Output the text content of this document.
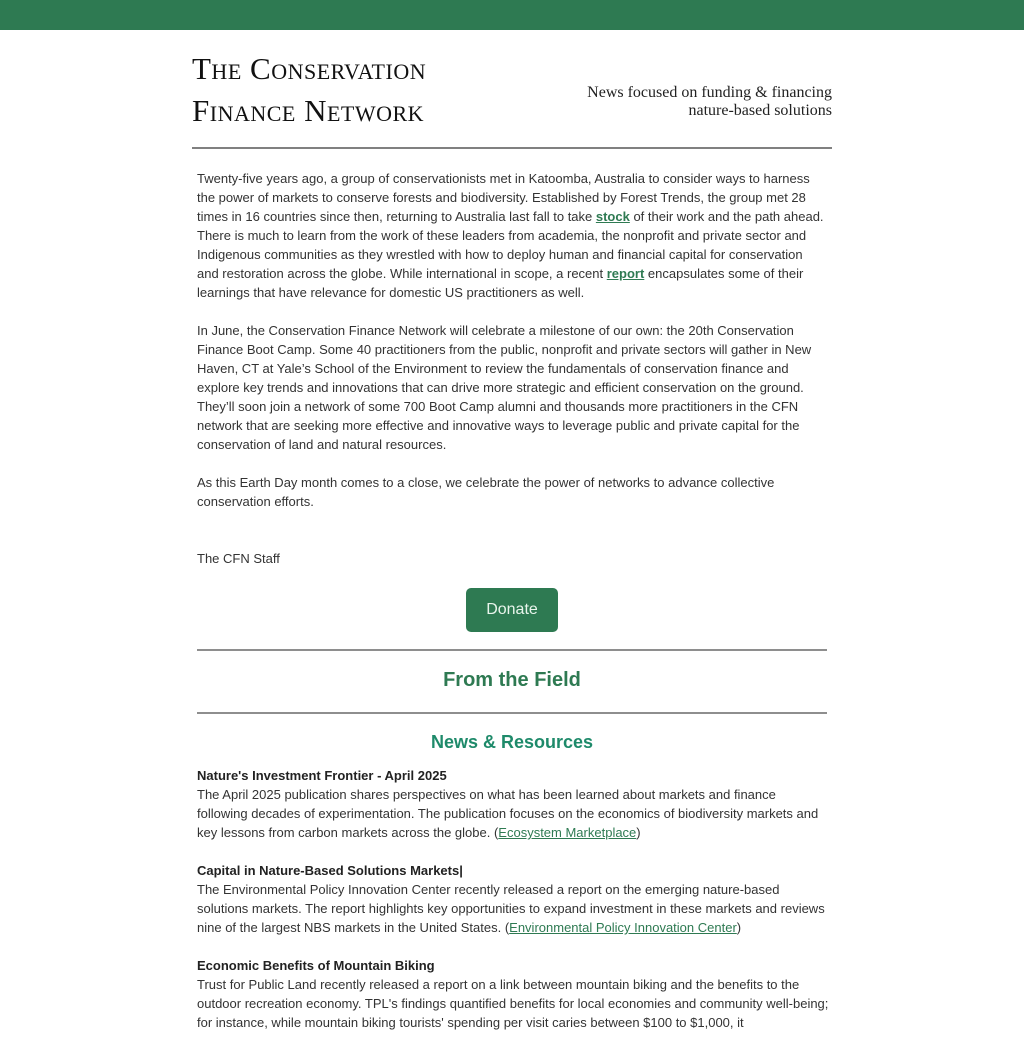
The Conservation
Finance Network
News focused on funding & financing
nature-based solutions

Twenty-five years ago, a group of conservationists met in Katoomba, Australia to consider ways to harness the power of markets to conserve forests and biodiversity. Established by Forest Trends, the group met 28 times in 16 countries since then, returning to Australia last fall to take stock of their work and the path ahead. There is much to learn from the work of these leaders from academia, the nonprofit and private sector and Indigenous communities as they wrestled with how to deploy human and financial capital for conservation and restoration across the globe. While international in scope, a recent report encapsulates some of their learnings that have relevance for domestic US practitioners as well.

In June, the Conservation Finance Network will celebrate a milestone of our own: the 20th Conservation Finance Boot Camp. Some 40 practitioners from the public, nonprofit and private sectors will gather in New Haven, CT at Yale’s School of the Environment to review the fundamentals of conservation finance and explore key trends and innovations that can drive more strategic and efficient conservation on the ground. They’ll soon join a network of some 700 Boot Camp alumni and thousands more practitioners in the CFN network that are seeking more effective and innovative ways to leverage public and private capital for the conservation of land and natural resources.

As this Earth Day month comes to a close, we celebrate the power of networks to advance collective conservation efforts.

The CFN Staff

Donate
From the Field
News & Resources
Nature's Investment Frontier - April 2025

The April 2025 publication shares perspectives on what has been learned about markets and finance following decades of experimentation. The publication focuses on the economics of biodiversity markets and key lessons from carbon markets across the globe. (Ecosystem Marketplace)

Capital in Nature-Based Solutions Markets|

The Environmental Policy Innovation Center recently released a report on the emerging nature-based solutions markets. The report highlights key opportunities to expand investment in these markets and reviews nine of the largest NBS markets in the United States. (Environmental Policy Innovation Center)

Economic Benefits of Mountain Biking

Trust for Public Land recently released a report on a link between mountain biking and the benefits to the outdoor recreation economy. TPL's findings quantified benefits for local economies and community well-being; for instance, while mountain biking tourists' spending per visit caries between $100 to $1,000, it
